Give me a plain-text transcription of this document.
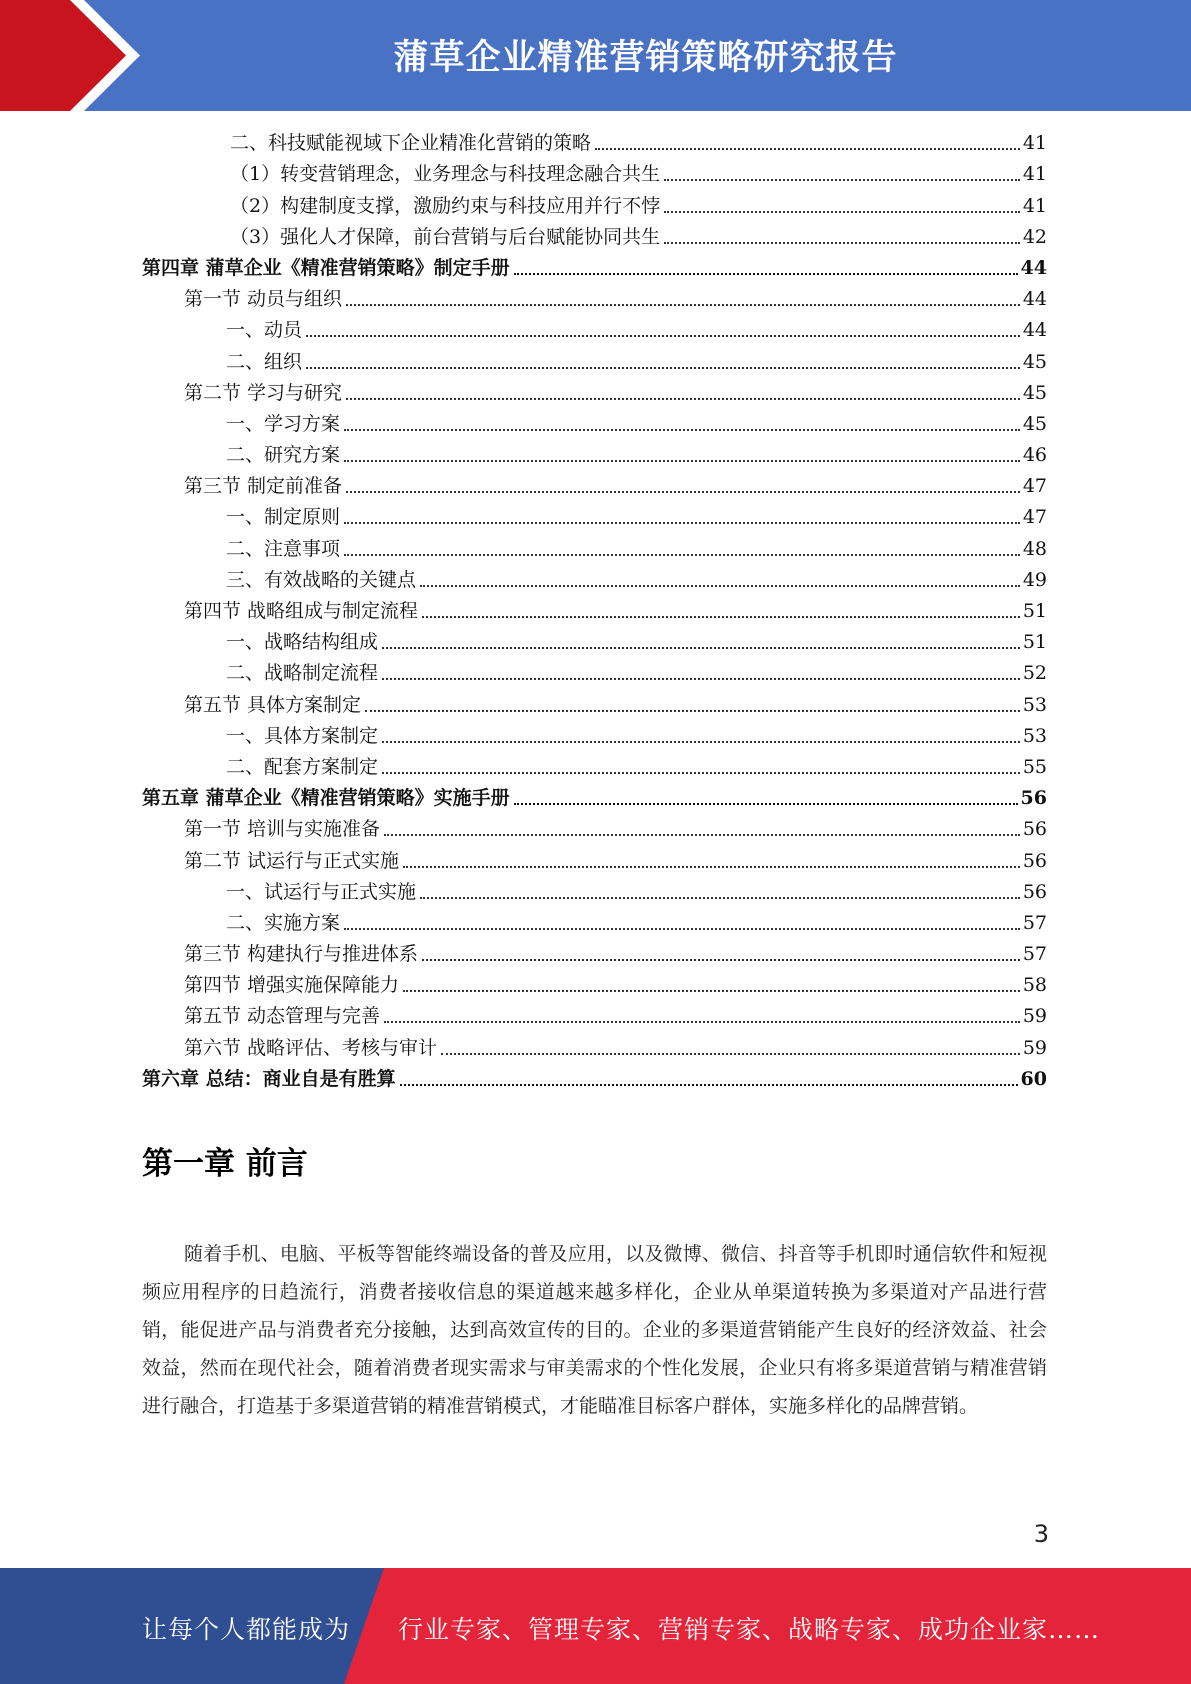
蒲草企业精准营销策略研究报告
二、科技赋能视域下企业精准化营销的策略	41
（1）转变营销理念，业务理念与科技理念融合共生	41
（2）构建制度支撑，激励约束与科技应用并行不悖	41
（3）强化人才保障，前台营销与后台赋能协同共生	42
第四章 蒲草企业《精准营销策略》制定手册	44
第一节 动员与组织	44
一、动员	44
二、组织	45
第二节 学习与研究	45
一、学习方案	45
二、研究方案	46
第三节 制定前准备	47
一、制定原则	47
二、注意事项	48
三、有效战略的关键点	49
第四节 战略组成与制定流程	51
一、战略结构组成	51
二、战略制定流程	52
第五节 具体方案制定	53
一、具体方案制定	53
二、配套方案制定	55
第五章 蒲草企业《精准营销策略》实施手册	56
第一节 培训与实施准备	56
第二节 试运行与正式实施	56
一、试运行与正式实施	56
二、实施方案	57
第三节 构建执行与推进体系	57
第四节 增强实施保障能力	58
第五节 动态管理与完善	59
第六节 战略评估、考核与审计	59
第六章 总结：商业自是有胜算	60
第一章 前言

随着手机、电脑、平板等智能终端设备的普及应用，以及微博、微信、抖音等手机即时通信软件和短视频应用程序的日趋流行，消费者接收信息的渠道越来越多样化，企业从单渠道转换为多渠道对产品进行营销，能促进产品与消费者充分接触，达到高效宣传的目的。企业的多渠道营销能产生良好的经济效益、社会效益，然而在现代社会，随着消费者现实需求与审美需求的个性化发展，企业只有将多渠道营销与精准营销进行融合，打造基于多渠道营销的精准营销模式，才能瞄准目标客户群体，实施多样化的品牌营销。

3
让每个人都能成为 行业专家、管理专家、营销专家、战略专家、成功企业家……
